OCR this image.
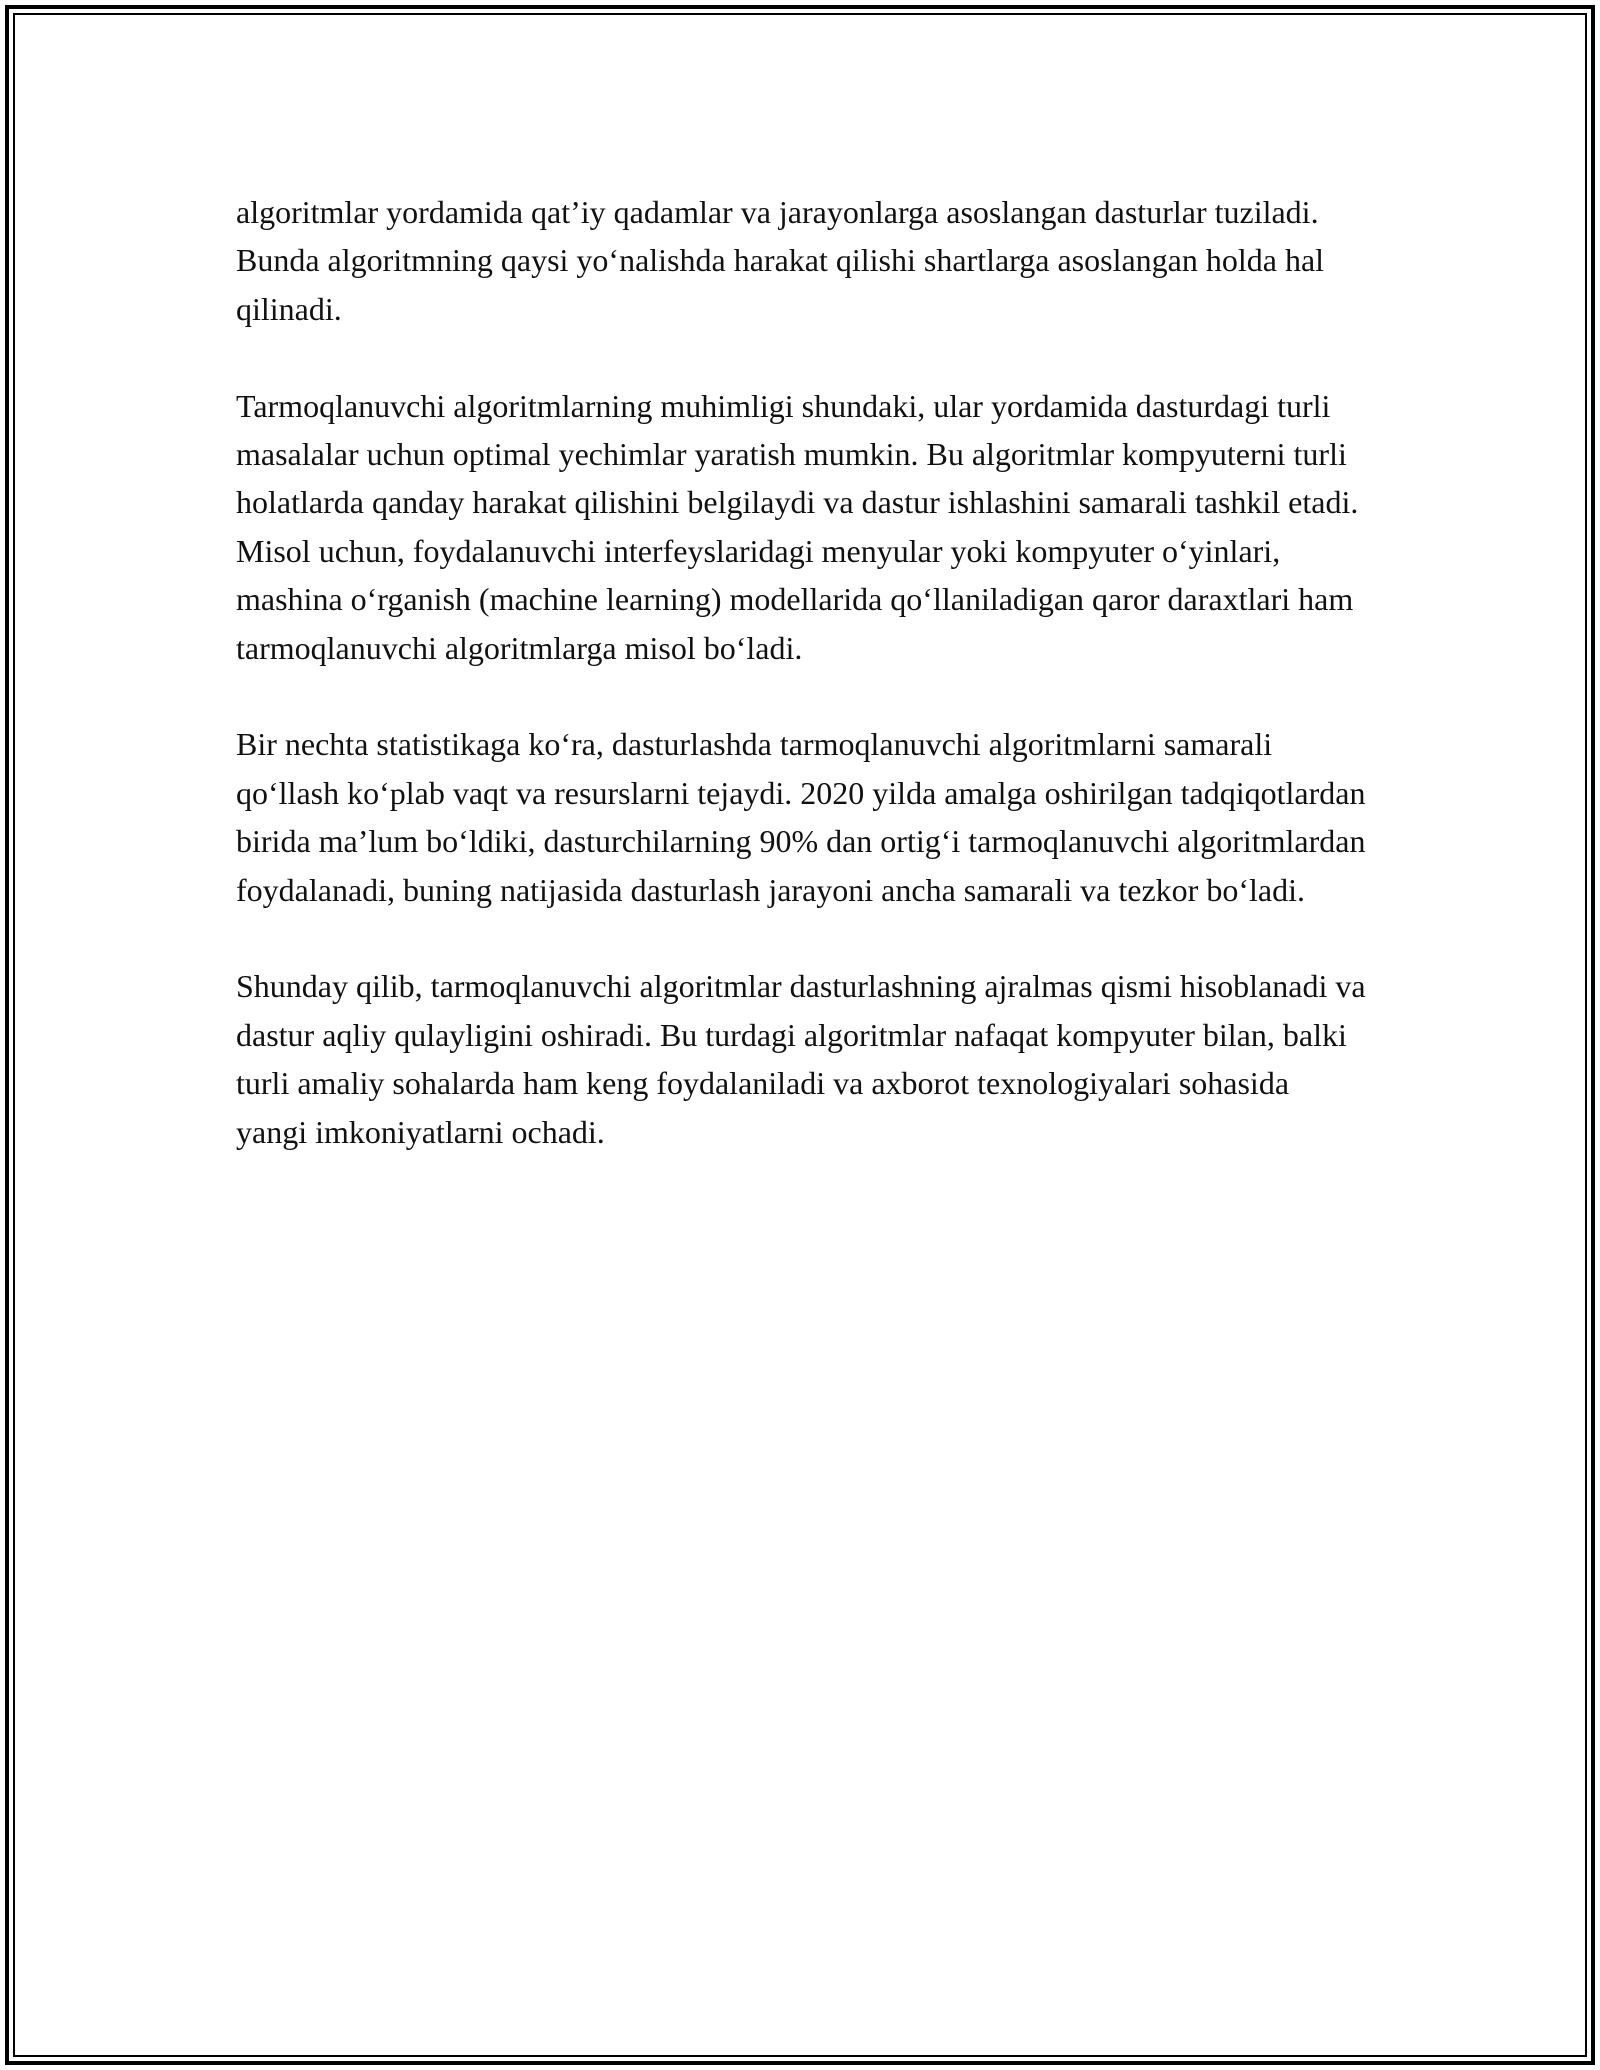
algoritmlar yordamida qat’iy qadamlar va jarayonlarga asoslangan dasturlar tuziladi. Bunda algoritmning qaysi yo‘nalishda harakat qilishi shartlarga asoslangan holda hal qilinadi.

Tarmoqlanuvchi algoritmlarning muhimligi shundaki, ular yordamida dasturdagi turli masalalar uchun optimal yechimlar yaratish mumkin. Bu algoritmlar kompyuterni turli holatlarda qanday harakat qilishini belgilaydi va dastur ishlashini samarali tashkil etadi. Misol uchun, foydalanuvchi interfeyslaridagi menyular yoki kompyuter o‘yinlari, mashina o‘rganish (machine learning) modellarida qo‘llaniladigan qaror daraxtlari ham tarmoqlanuvchi algoritmlarga misol bo‘ladi.

Bir nechta statistikaga ko‘ra, dasturlashda tarmoqlanuvchi algoritmlarni samarali qo‘llash ko‘plab vaqt va resurslarni tejaydi. 2020 yilda amalga oshirilgan tadqiqotlardan birida ma’lum bo‘ldiki, dasturchilarning 90% dan ortig‘i tarmoqlanuvchi algoritmlardan foydalanadi, buning natijasida dasturlash jarayoni ancha samarali va tezkor bo‘ladi.

Shunday qilib, tarmoqlanuvchi algoritmlar dasturlashning ajralmas qismi hisoblanadi va dastur aqliy qulayligini oshiradi. Bu turdagi algoritmlar nafaqat kompyuter bilan, balki turli amaliy sohalarda ham keng foydalaniladi va axborot texnologiyalari sohasida yangi imkoniyatlarni ochadi.
